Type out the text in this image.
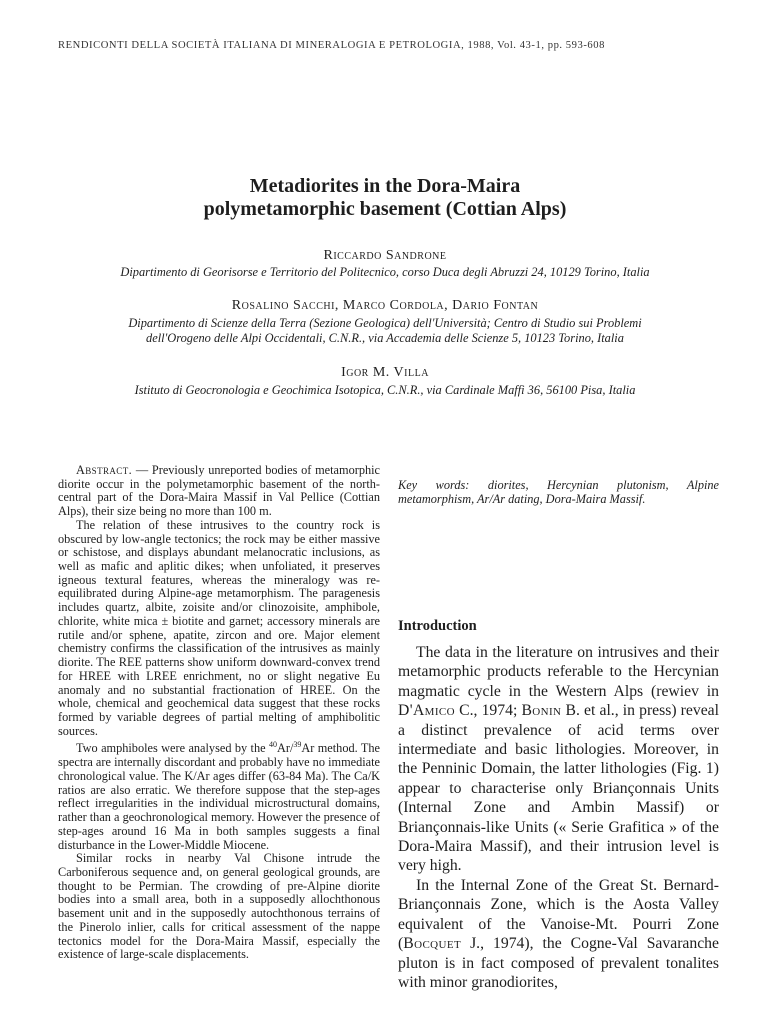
RENDICONTI DELLA SOCIETÀ ITALIANA DI MINERALOGIA E PETROLOGIA, 1988, Vol. 43-1, pp. 593-608
Metadiorites in the Dora-Maira
polymetamorphic basement (Cottian Alps)
Riccardo Sandrone
Dipartimento di Georisorse e Territorio del Politecnico, corso Duca degli Abruzzi 24, 10129 Torino, Italia
Rosalino Sacchi, Marco Cordola, Dario Fontan
Dipartimento di Scienze della Terra (Sezione Geologica) dell'Università; Centro di Studio sui Problemi
dell'Orogeno delle Alpi Occidentali, C.N.R., via Accademia delle Scienze 5, 10123 Torino, Italia
Igor M. Villa
Istituto di Geocronologia e Geochimica Isotopica, C.N.R., via Cardinale Maffi 36, 56100 Pisa, Italia

Abstract. — Previously unreported bodies of metamorphic diorite occur in the polymetamorphic basement of the north-central part of the Dora-Maira Massif in Val Pellice (Cottian Alps), their size being no more than 100 m.

The relation of these intrusives to the country rock is obscured by low-angle tectonics; the rock may be either massive or schistose, and displays abundant melanocratic inclusions, as well as mafic and aplitic dikes; when unfoliated, it preserves igneous textural features, whereas the mineralogy was re-equilibrated during Alpine-age metamorphism. The paragenesis includes quartz, albite, zoisite and/or clinozoisite, amphibole, chlorite, white mica ± biotite and garnet; accessory minerals are rutile and/or sphene, apatite, zircon and ore. Major element chemistry confirms the classification of the intrusives as mainly diorite. The REE patterns show uniform downward-convex trend for HREE with LREE enrichment, no or slight negative Eu anomaly and no substantial fractionation of HREE. On the whole, chemical and geochemical data suggest that these rocks formed by variable degrees of partial melting of amphibolitic sources.

Two amphiboles were analysed by the $^{40}$Ar/$^{39}$Ar method. The spectra are internally discordant and probably have no immediate chronological value. The K/Ar ages differ (63-84 Ma). The Ca/K ratios are also erratic. We therefore suppose that the step-ages reflect irregularities in the individual microstructural domains, rather than a geochronological memory. However the presence of step-ages around 16 Ma in both samples suggests a final disturbance in the Lower-Middle Miocene.

Similar rocks in nearby Val Chisone intrude the Carboniferous sequence and, on general geological grounds, are thought to be Permian. The crowding of pre-Alpine diorite bodies into a small area, both in a supposedly allochthonous basement unit and in the supposedly autochthonous terrains of the Pinerolo inlier, calls for critical assessment of the nappe tectonics model for the Dora-Maira Massif, especially the existence of large-scale displacements.

Key words: diorites, Hercynian plutonism, Alpine metamorphism, Ar/Ar dating, Dora-Maira Massif.

Introduction

The data in the literature on intrusives and their metamorphic products referable to the Hercynian magmatic cycle in the Western Alps (rewiev in D'Amico C., 1974; Bonin B. et al., in press) reveal a distinct prevalence of acid terms over intermediate and basic lithologies. Moreover, in the Penninic Domain, the latter lithologies (Fig. 1) appear to characterise only Briançonnais Units (Internal Zone and Ambin Massif) or Briançonnais-like Units (« Serie Grafitica » of the Dora-Maira Massif), and their intrusion level is very high.

In the Internal Zone of the Great St. Bernard- Briançonnais Zone, which is the Aosta Valley equivalent of the Vanoise-Mt. Pourri Zone (Bocquet J., 1974), the Cogne-Val Savaranche pluton is in fact composed of prevalent tonalites with minor granodiorites,
